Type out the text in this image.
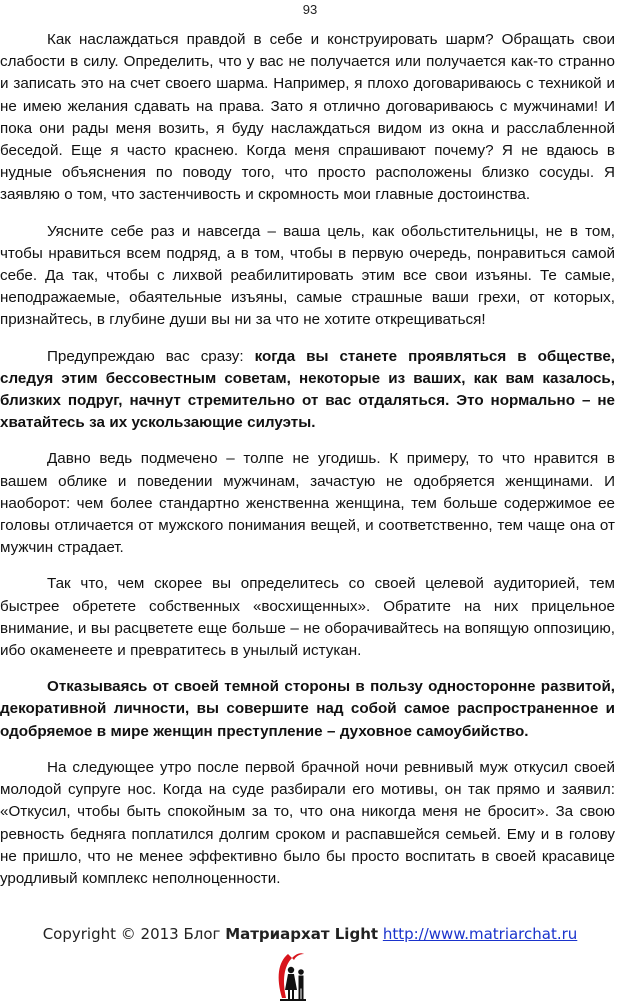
93

Как наслаждаться правдой в себе и конструировать шарм? Обращать свои слабости в силу. Определить, что у вас не получается или получается как-то странно и записать это на счет своего шарма. Например, я плохо договариваюсь с техникой и не имею желания сдавать на права. Зато я отлично договариваюсь с мужчинами! И пока они рады меня возить, я буду наслаждаться видом из окна и расслабленной беседой. Еще я часто краснею. Когда меня спрашивают почему? Я не вдаюсь в нудные объяснения по поводу того, что просто расположены близко сосуды. Я заявляю о том, что застенчивость и скромность мои главные достоинства.

Уясните себе раз и навсегда – ваша цель, как обольстительницы, не в том, чтобы нравиться всем подряд, а в том, чтобы в первую очередь, понравиться самой себе. Да так, чтобы с лихвой реабилитировать этим все свои изъяны. Те самые, неподражаемые, обаятельные изъяны, самые страшные ваши грехи, от которых, признайтесь, в глубине души вы ни за что не хотите открещиваться!

Предупреждаю вас сразу: когда вы станете проявляться в обществе, следуя этим бессовестным советам, некоторые из ваших, как вам казалось, близких подруг, начнут стремительно от вас отдаляться. Это нормально – не хватайтесь за их ускользающие силуэты.

Давно ведь подмечено – толпе не угодишь. К примеру, то что нравится в вашем облике и поведении мужчинам, зачастую не одобряется женщинами. И наоборот: чем более стандартно женственна женщина, тем больше содержимое ее головы отличается от мужского понимания вещей, и соответственно, тем чаще она от мужчин страдает.

Так что, чем скорее вы определитесь со своей целевой аудиторией, тем быстрее обретете собственных «восхищенных». Обратите на них прицельное внимание, и вы расцветете еще больше – не оборачивайтесь на вопящую оппозицию, ибо окаменеете и превратитесь в унылый истукан.

Отказываясь от своей темной стороны в пользу односторонне развитой, декоративной личности, вы совершите над собой самое распространенное и одобряемое в мире женщин преступление – духовное самоубийство.

На следующее утро после первой брачной ночи ревнивый муж откусил своей молодой супруге нос. Когда на суде разбирали его мотивы, он так прямо и заявил: «Откусил, чтобы быть спокойным за то, что она никогда меня не бросит». За свою ревность бедняга поплатился долгим сроком и распавшейся семьей. Ему и в голову не пришло, что не менее эффективно было бы просто воспитать в своей красавице уродливый комплекс неполноценности.

Copyright © 2013 Блог Матриархат Light http://www.matriarchat.ru
